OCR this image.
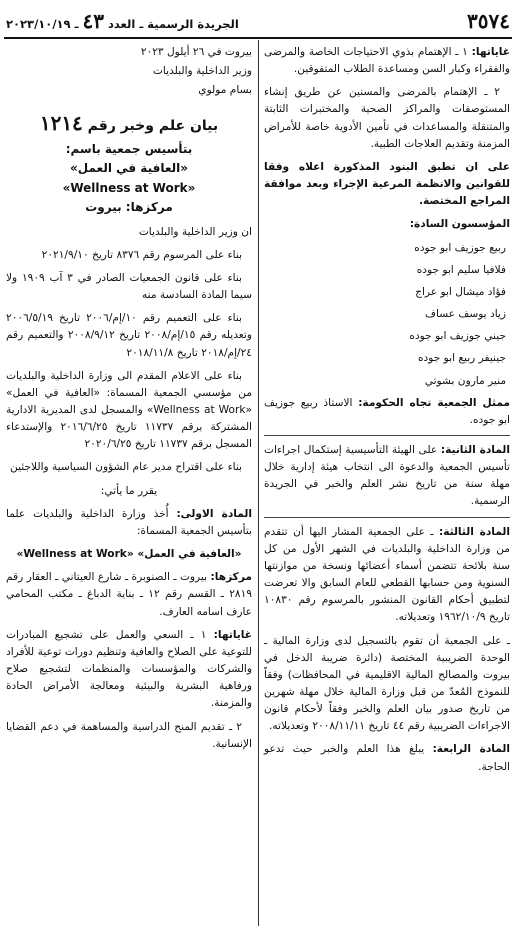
٣٥٧٤
الجريدة الرسمية ـ العدد ٤٣ ـ ٢٠٢٣/١٠/١٩

غاياتها: ١ ـ الإهتمام بذوي الاحتياجات الخاصة والمرضى والفقراء وكبار السن ومساعدة الطلاب المتفوقين.

٢ ـ الإهتمام بالمرضى والمسنين عن طريق إنشاء المستوصفات والمراكز الصحية والمختبرات الثابتة والمتنقلة والمساعدات في تأمين الأدوية خاصة للأمراض المزمنة وتقديم العلاجات الطبية.

على ان تطبق البنود المذكورة اعلاه وفقا للقوانين والانظمة المرعية الإجراء وبعد موافقة المراجع المختصة.

المؤسسون السادة:

ربيع جوزيف ابو جوده
فلافيا سليم ابو جوده
فؤاد ميشال ابو عراج
زياد يوسف عساف
جيني جوزيف ابو جوده
جينيفر ربيع ابو جوده
منير مارون بشوتي

ممثل الجمعية تجاه الحكومة: الاستاذ ربيع جوزيف ابو جوده.

المادة الثانية: على الهيئة التأسيسية إستكمال اجراءات تأسيس الجمعية والدعوة الى انتخاب هيئة إدارية خلال مهلة سنة من تاريخ نشر العلم والخبر في الجريدة الرسمية.

المادة الثالثة: ـ على الجمعية المشار اليها أن تتقدم من وزارة الداخلية والبلديات في الشهر الأول من كل سنة بلائحة تتضمن أسماء أعضائها ونسخة من موازنتها السنوية ومن حسابها القطعي للعام السابق والا تعرضت لتطبيق أحكام القانون المنشور بالمرسوم رقم ١٠٨٣٠ تاريخ ١٩٦٢/١٠/٩ وتعديلاته.

ـ على الجمعية أن تقوم بالتسجيل لدى وزارة المالية ـ الوحدة الضريبية المختصة (دائرة ضريبة الدخل في بيروت والمصالح المالية الاقليمية في المحافظات) وفقاً للنموذج المُعدّ من قبل وزارة المالية خلال مهلة شهرين من تاريخ صدور بيان العلم والخبر وفقاً لأحكام قانون الاجراءات الضريبية رقم ٤٤ تاريخ ٢٠٠٨/١١/١١ وتعديلاته.

المادة الرابعة: يبلغ هذا العلم والخبر حيث تدعو الحاجة.

بيروت في ٢٦ أيلول ٢٠٢٣
وزير الداخلية والبلديات
بسام مولوي
بيان علم وخبر رقم ١٢١٤
بتأسيس جمعية باسم:
«العافية في العمل»
«Wellness at Work»
مركزها: بيروت

ان وزير الداخلية والبلديات

بناء على المرسوم رقم ٨٣٧٦ تاريخ ٢٠٢١/٩/١٠

بناء على قانون الجمعيات الصادر في ٣ آب ١٩٠٩ ولا سيما المادة السادسة منه

بناء على التعميم رقم ١٠/إم/٢٠٠٦ تاريخ ٢٠٠٦/٥/١٩ وتعديله رقم ١٥/إم/٢٠٠٨ تاريخ ٢٠٠٨/٩/١٢ والتعميم رقم ٢٤/إم/٢٠١٨ تاريخ ٢٠١٨/١١/٨

بناء على الاعلام المقدم الى وزارة الداخلية والبلديات من مؤسسي الجمعية المسماة: «العافية في العمل» «Wellness at Work» والمسجل لدى المديرية الادارية المشتركة برقم ١١٧٣٧ تاريخ ٢٠١٦/٦/٢٥ والإستدعاء المسجل برقم ١١٧٣٧ تاريخ ٢٠٢٠/٦/٢٥

بناء على اقتراح مدير عام الشؤون السياسية واللاجئين

يقرر ما يأتي:

المادة الاولى: أُخذ وزارة الداخلية والبلديات علما بتأسيس الجمعية المسماة:

«العافية في العمل» «Wellness at Work»

مركزها: بيروت ـ الصنوبرة ـ شارع العيتاني ـ العقار رقم ٢٨١٩ ـ القسم رقم ١٢ ـ بناية الدباغ ـ مكتب المحامي عارف اسامه العارف.

غاياتها: ١ ـ السعي والعمل على تشجيع المبادرات للتوعية على الصلاح والعافية وتنظيم دورات توعية للأفراد والشركات والمؤسسات والمنظمات لتشجيع صلاح ورفاهية البشرية والبيئية ومعالجة الأمراض الحادة والمزمنة.

٢ ـ تقديم المنح الدراسية والمساهمة في دعم القضايا الإنسانية.
